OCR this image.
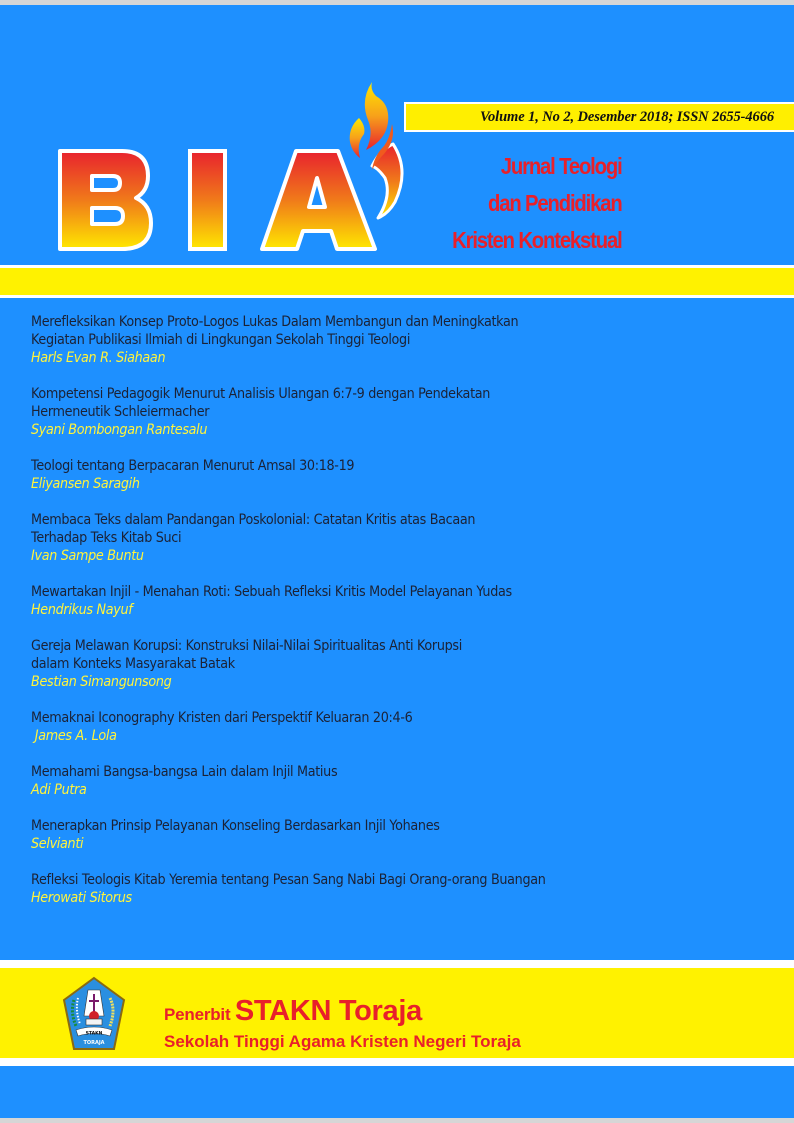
Volume 1, No 2, Desember 2018; ISSN 2655-4666
Jurnal Teologi
dan Pendidikan
Kristen Kontekstual
Merefleksikan Konsep Proto-Logos Lukas Dalam Membangun dan Meningkatkan
Kegiatan Publikasi Ilmiah di Lingkungan Sekolah Tinggi Teologi
Harls Evan R. Siahaan
Kompetensi Pedagogik Menurut Analisis Ulangan 6:7-9 dengan Pendekatan
Hermeneutik Schleiermacher
Syani Bombongan Rantesalu
Teologi tentang Berpacaran Menurut Amsal 30:18-19
Eliyansen Saragih
Membaca Teks dalam Pandangan Poskolonial: Catatan Kritis atas Bacaan
Terhadap Teks Kitab Suci
Ivan Sampe Buntu
Mewartakan Injil - Menahan Roti: Sebuah Refleksi Kritis Model Pelayanan Yudas
Hendrikus Nayuf
Gereja Melawan Korupsi: Konstruksi Nilai-Nilai Spiritualitas Anti Korupsi
dalam Konteks Masyarakat Batak
Bestian Simangunsong
Memaknai Iconography Kristen dari Perspektif Keluaran 20:4-6
James A. Lola
Memahami Bangsa-bangsa Lain dalam Injil Matius
Adi Putra
Menerapkan Prinsip Pelayanan Konseling Berdasarkan Injil Yohanes
Selvianti
Refleksi Teologis Kitab Yeremia tentang Pesan Sang Nabi Bagi Orang-orang Buangan
Herowati Sitorus
STAKN
TORAJA
Penerbit STAKN Toraja
Sekolah Tinggi Agama Kristen Negeri Toraja
